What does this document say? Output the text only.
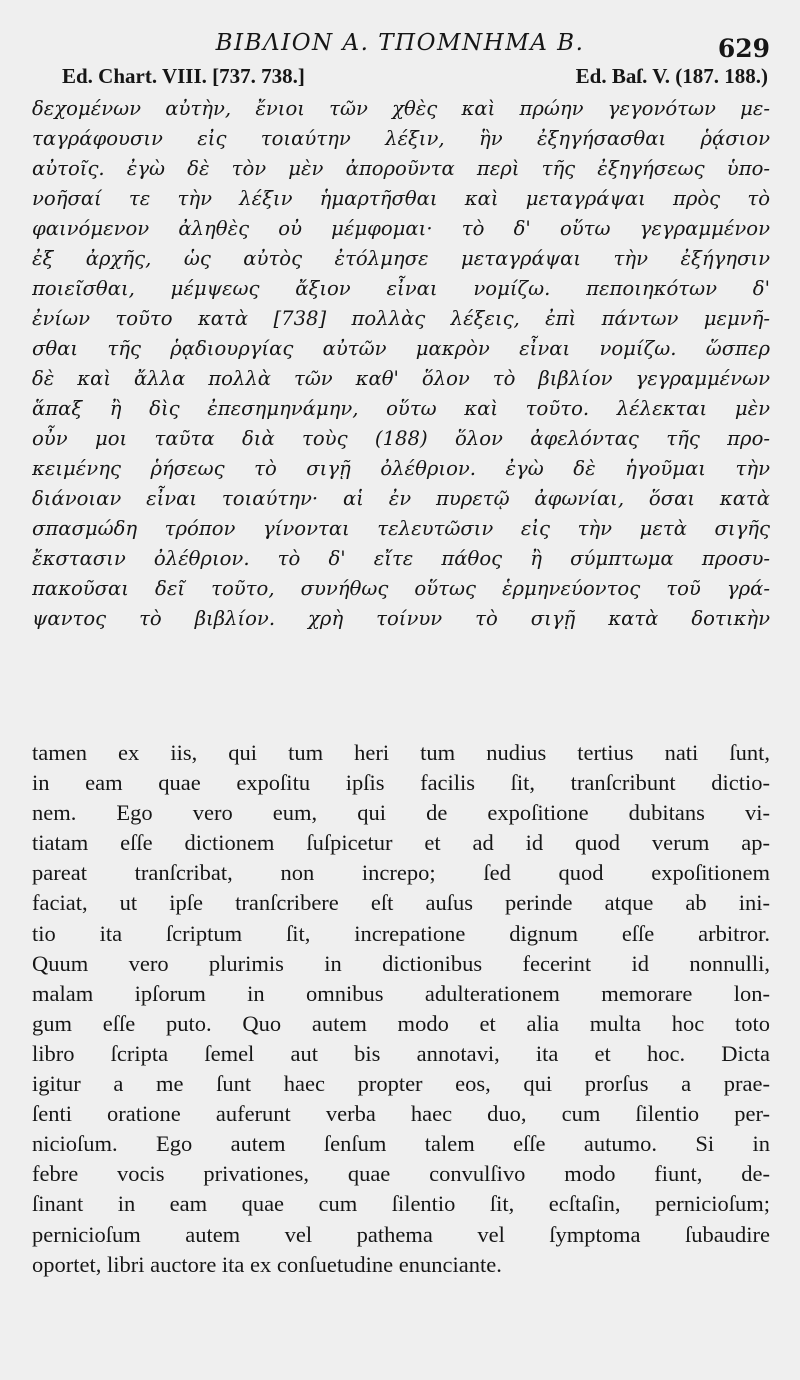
ΒΙΒΛΙΟΝ Α. ΤΠΟΜΝΗΜΑ Β.	629
Ed. Chart. VIII. [737. 738.]	Ed. Baſ. V. (187. 188.)
δεχομένων αὐτὴν, ἔνιοι τῶν χθὲς καὶ πρώην γεγονότων με-
ταγράφουσιν εἰς τοιαύτην λέξιν, ἣν ἐξηγήσασθαι ῥᾴσιον
αὐτοῖς. ἐγὼ δὲ τὸν μὲν ἀποροῦντα περὶ τῆς ἐξηγήσεως ὑπο-
νοῆσαί τε τὴν λέξιν ἡμαρτῆσθαι καὶ μεταγράψαι πρὸς τὸ
φαινόμενον ἀληθὲς οὐ μέμφομαι· τὸ δ' οὕτω γεγραμμένον
ἐξ ἀρχῆς, ὡς αὐτὸς ἐτόλμησε μεταγράψαι τὴν ἐξήγησιν
ποιεῖσθαι, μέμψεως ἄξιον εἶναι νομίζω. πεποιηκότων δ'
ἐνίων τοῦτο κατὰ [738] πολλὰς λέξεις, ἐπὶ πάντων μεμνῆ-
σθαι τῆς ῥᾳδιουργίας αὐτῶν μακρὸν εἶναι νομίζω. ὥσπερ
δὲ καὶ ἄλλα πολλὰ τῶν καθ' ὅλον τὸ βιβλίον γεγραμμένων
ἅπαξ ἢ δὶς ἐπεσημηνάμην, οὕτω καὶ τοῦτο. λέλεκται μὲν
οὖν μοι ταῦτα διὰ τοὺς (188) ὅλον ἀφελόντας τῆς προ-
κειμένης ῥήσεως τὸ σιγῇ ὀλέθριον. ἐγὼ δὲ ἡγοῦμαι τὴν
διάνοιαν εἶναι τοιαύτην· αἱ ἐν πυρετῷ ἀφωνίαι, ὅσαι κατὰ
σπασμώδη τρόπον γίνονται τελευτῶσιν εἰς τὴν μετὰ σιγῆς
ἔκστασιν ὀλέθριον. τὸ δ' εἴτε πάθος ἢ σύμπτωμα προσυ-
πακοῦσαι δεῖ τοῦτο, συνήθως οὕτως ἑρμηνεύοντος τοῦ γρά-
ψαντος τὸ βιβλίον. χρὴ τοίνυν τὸ σιγῇ κατὰ δοτικὴν
tamen ex iis, qui tum heri tum nudius tertius nati ſunt,
in eam quae expoſitu ipſis facilis ſit, tranſcribunt dictio-
nem. Ego vero eum, qui de expoſitione dubitans vi-
tiatam eſſe dictionem ſuſpicetur et ad id quod verum ap-
pareat tranſcribat, non increpo; ſed quod expoſitionem
faciat, ut ipſe tranſcribere eſt auſus perinde atque ab ini-
tio ita ſcriptum ſit, increpatione dignum eſſe arbitror.
Quum vero plurimis in dictionibus fecerint id nonnulli,
malam ipſorum in omnibus adulterationem memorare lon-
gum eſſe puto. Quo autem modo et alia multa hoc toto
libro ſcripta ſemel aut bis annotavi, ita et hoc. Dicta
igitur a me ſunt haec propter eos, qui prorſus a prae-
ſenti oratione auferunt verba haec duo, cum ſilentio per-
nicioſum. Ego autem ſenſum talem eſſe autumo. Si in
febre vocis privationes, quae convulſivo modo fiunt, de-
ſinant in eam quae cum ſilentio ſit, ecſtaſin, pernicioſum;
pernicioſum autem vel pathema vel ſymptoma ſubaudire
oportet, libri auctore ita ex conſuetudine enunciante.
